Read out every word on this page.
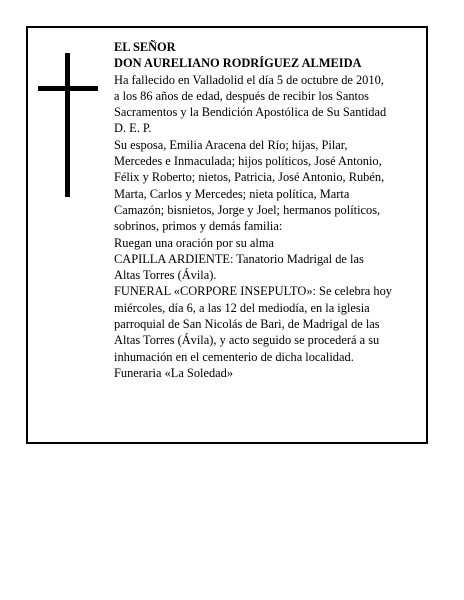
EL SEÑOR
DON AURELIANO RODRÍGUEZ ALMEIDA
Ha fallecido en Valladolid el día 5 de octubre de 2010,
a los 86 años de edad, después de recibir los Santos
Sacramentos y la Bendición Apostólica de Su Santidad
D. E. P.
Su esposa, Emilia Aracena del Río; hijas, Pilar,
Mercedes e Inmaculada; hijos políticos, José Antonio,
Félix y Roberto; nietos, Patricia, José Antonio, Rubén,
Marta, Carlos y Mercedes; nieta política, Marta
Camazón; bisnietos, Jorge y Joel; hermanos políticos,
sobrinos, primos y demás familia:
Ruegan una oración por su alma
CAPILLA ARDIENTE: Tanatorio Madrigal de las
Altas Torres (Ávila).
FUNERAL «CORPORE INSEPULTO»: Se celebra hoy
miércoles, día 6, a las 12 del mediodía, en la iglesia
parroquial de San Nicolás de Bari, de Madrigal de las
Altas Torres (Ávila), y acto seguido se procederá a su
inhumación en el cementerio de dicha localidad.
Funeraria «La Soledad»
